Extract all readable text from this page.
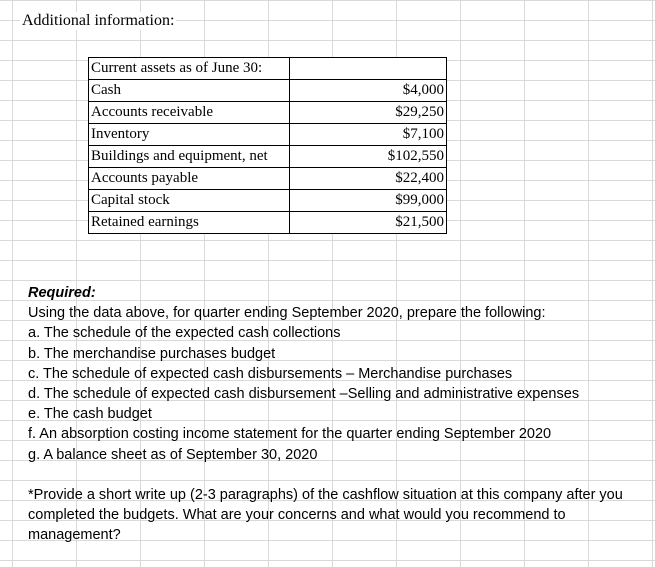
Additional information:
Current assets as of June 30:	
Cash	$4,000
Accounts receivable	$29,250
Inventory	$7,100
Buildings and equipment, net	$102,550
Accounts payable	$22,400
Capital stock	$99,000
Retained earnings	$21,500
Required:
Using the data above, for quarter ending September 2020, prepare the following:
a. The schedule of the expected cash collections
b. The merchandise purchases budget
c. The schedule of expected cash disbursements – Merchandise purchases
d. The schedule of expected cash disbursement –Selling and administrative expenses
e. The cash budget
f. An absorption costing income statement for the quarter ending September 2020
g. A balance sheet as of September 30, 2020
*Provide a short write up (2-3 paragraphs) of the cashflow situation at this company after you completed the budgets. What are your concerns and what would you recommend to management?
